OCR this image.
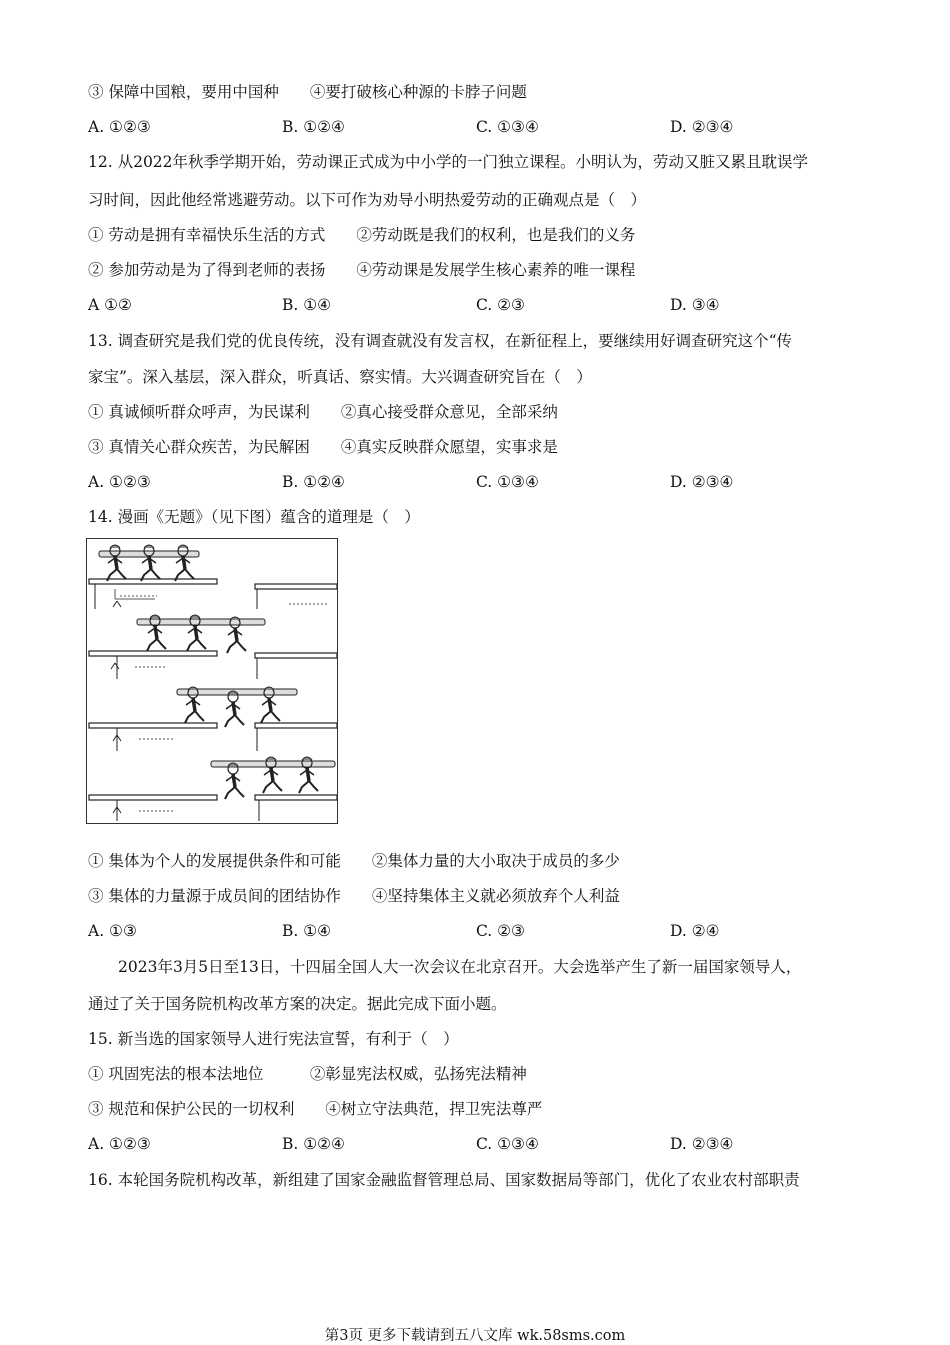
③ 保障中国粮，要用中国种　　④要打破核心种源的卡脖子问题
A. ①②③	B. ①②④	C. ①③④	D. ②③④
12. 从2022年秋季学期开始，劳动课正式成为中小学的一门独立课程。小明认为，劳动又脏又累且耽误学
习时间，因此他经常逃避劳动。以下可作为劝导小明热爱劳动的正确观点是（　）
① 劳动是拥有幸福快乐生活的方式　　②劳动既是我们的权利，也是我们的义务
② 参加劳动是为了得到老师的表扬　　④劳动课是发展学生核心素养的唯一课程
A ①②	B. ①④	C. ②③	D. ③④
13. 调查研究是我们党的优良传统，没有调查就没有发言权，在新征程上，要继续用好调查研究这个“传
家宝”。深入基层，深入群众，听真话、察实情。大兴调查研究旨在（　）
① 真诚倾听群众呼声，为民谋利　　②真心接受群众意见，全部采纳
③ 真情关心群众疾苦，为民解困　　④真实反映群众愿望，实事求是
A. ①②③	B. ①②④	C. ①③④	D. ②③④
14. 漫画《无题》（见下图）蕴含的道理是（　）
① 集体为个人的发展提供条件和可能　　②集体力量的大小取决于成员的多少
③ 集体的力量源于成员间的团结协作　　④坚持集体主义就必须放弃个人利益
A. ①③	B. ①④	C. ②③	D. ②④
2023年3月5日至13日，十四届全国人大一次会议在北京召开。大会选举产生了新一届国家领导人，
通过了关于国务院机构改革方案的决定。据此完成下面小题。
15. 新当选的国家领导人进行宪法宣誓，有利于（　）
① 巩固宪法的根本法地位　　　②彰显宪法权威，弘扬宪法精神
③ 规范和保护公民的一切权利　　④树立守法典范，捍卫宪法尊严
A. ①②③	B. ①②④	C. ①③④	D. ②③④
16. 本轮国务院机构改革，新组建了国家金融监督管理总局、国家数据局等部门，优化了农业农村部职责
第3页 更多下载请到五八文库 wk.58sms.com
